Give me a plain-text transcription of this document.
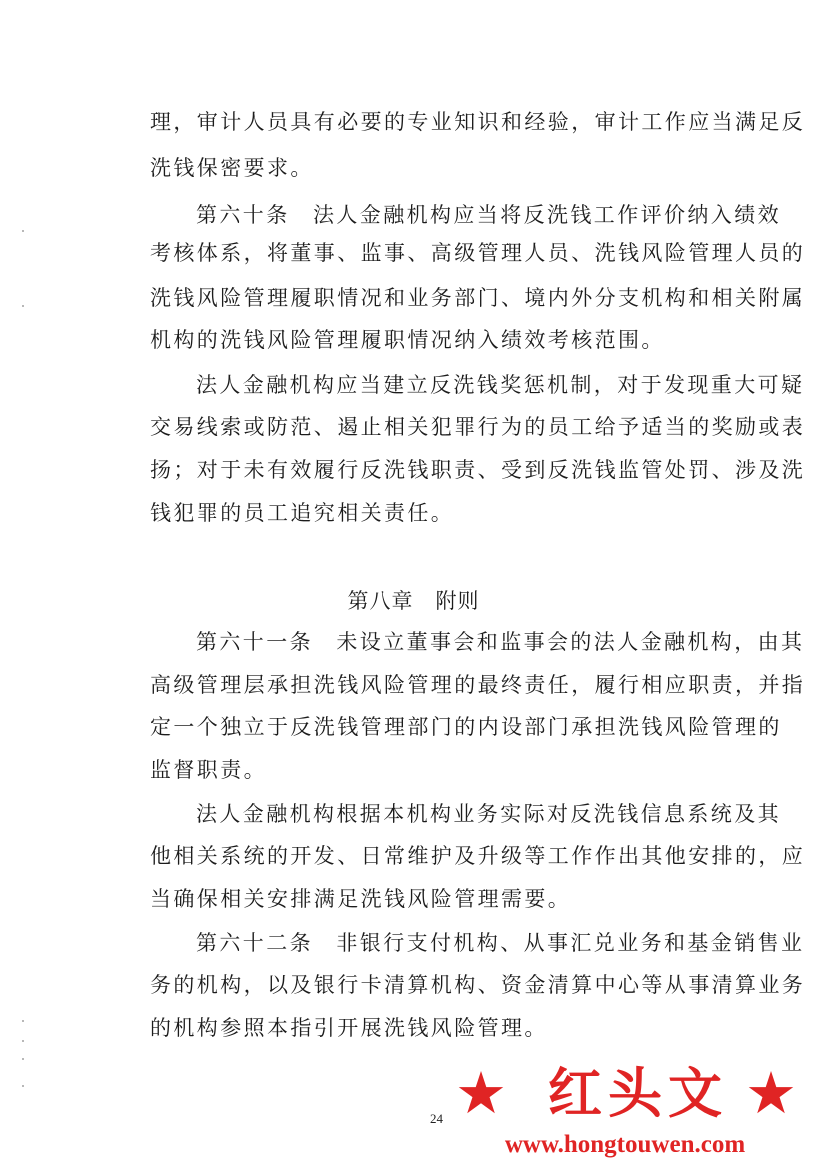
理，审计人员具有必要的专业知识和经验，审计工作应当满足反
洗钱保密要求。
第六十条　法人金融机构应当将反洗钱工作评价纳入绩效
考核体系，将董事、监事、高级管理人员、洗钱风险管理人员的
洗钱风险管理履职情况和业务部门、境内外分支机构和相关附属
机构的洗钱风险管理履职情况纳入绩效考核范围。
法人金融机构应当建立反洗钱奖惩机制，对于发现重大可疑
交易线索或防范、遏止相关犯罪行为的员工给予适当的奖励或表
扬；对于未有效履行反洗钱职责、受到反洗钱监管处罚、涉及洗
钱犯罪的员工追究相关责任。
第八章　附则
第六十一条　未设立董事会和监事会的法人金融机构，由其
高级管理层承担洗钱风险管理的最终责任，履行相应职责，并指
定一个独立于反洗钱管理部门的内设部门承担洗钱风险管理的
监督职责。
法人金融机构根据本机构业务实际对反洗钱信息系统及其
他相关系统的开发、日常维护及升级等工作作出其他安排的，应
当确保相关安排满足洗钱风险管理需要。
第六十二条　非银行支付机构、从事汇兑业务和基金销售业
务的机构，以及银行卡清算机构、资金清算中心等从事清算业务
的机构参照本指引开展洗钱风险管理。
24 ★ 红头文 ★
www.hongtouwen.com
